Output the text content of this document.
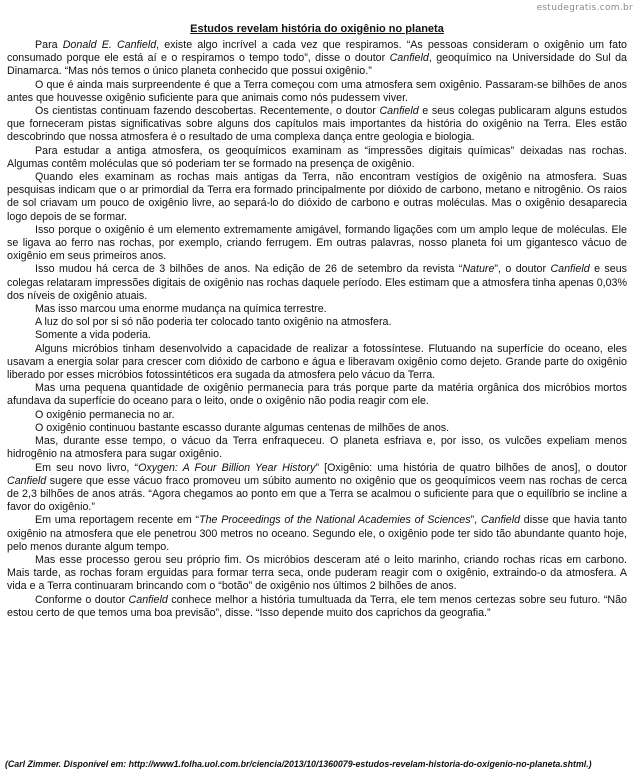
estudegratis.com.br

Estudos revelam história do oxigênio no planeta

Para Donald E. Canfield, existe algo incrível a cada vez que respiramos. “As pessoas consideram o oxigênio um fato consumado porque ele está aí e o respiramos o tempo todo”, disse o doutor Canfield, geoquímico na Universidade do Sul da Dinamarca. “Mas nós temos o único planeta conhecido que possui oxigênio.”

O que é ainda mais surpreendente é que a Terra começou com uma atmosfera sem oxigênio. Passaram-se bilhões de anos antes que houvesse oxigênio suficiente para que animais como nós pudessem viver.

Os cientistas continuam fazendo descobertas. Recentemente, o doutor Canfield e seus colegas publicaram alguns estudos que forneceram pistas significativas sobre alguns dos capítulos mais importantes da história do oxigênio na Terra. Eles estão descobrindo que nossa atmosfera é o resultado de uma complexa dança entre geologia e biologia.

Para estudar a antiga atmosfera, os geoquímicos examinam as “impressões digitais químicas” deixadas nas rochas. Algumas contêm moléculas que só poderiam ter se formado na presença de oxigênio.

Quando eles examinam as rochas mais antigas da Terra, não encontram vestígios de oxigênio na atmosfera. Suas pesquisas indicam que o ar primordial da Terra era formado principalmente por dióxido de carbono, metano e nitrogênio. Os raios de sol criavam um pouco de oxigênio livre, ao separá-lo do dióxido de carbono e outras moléculas. Mas o oxigênio desaparecia logo depois de se formar.

Isso porque o oxigênio é um elemento extremamente amigável, formando ligações com um amplo leque de moléculas. Ele se ligava ao ferro nas rochas, por exemplo, criando ferrugem. Em outras palavras, nosso planeta foi um gigantesco vácuo de oxigênio em seus primeiros anos.

Isso mudou há cerca de 3 bilhões de anos. Na edição de 26 de setembro da revista “Nature”, o doutor Canfield e seus colegas relataram impressões digitais de oxigênio nas rochas daquele período. Eles estimam que a atmosfera tinha apenas 0,03% dos níveis de oxigênio atuais.

Mas isso marcou uma enorme mudança na química terrestre.

A luz do sol por si só não poderia ter colocado tanto oxigênio na atmosfera.

Somente a vida poderia.

Alguns micróbios tinham desenvolvido a capacidade de realizar a fotossíntese. Flutuando na superfície do oceano, eles usavam a energia solar para crescer com dióxido de carbono e água e liberavam oxigênio como dejeto. Grande parte do oxigênio liberado por esses micróbios fotossintéticos era sugada da atmosfera pelo vácuo da Terra.

Mas uma pequena quantidade de oxigênio permanecia para trás porque parte da matéria orgânica dos micróbios mortos afundava da superfície do oceano para o leito, onde o oxigênio não podia reagir com ele.

O oxigênio permanecia no ar.

O oxigênio continuou bastante escasso durante algumas centenas de milhões de anos.

Mas, durante esse tempo, o vácuo da Terra enfraqueceu. O planeta esfriava e, por isso, os vulcões expeliam menos hidrogênio na atmosfera para sugar oxigênio.

Em seu novo livro, “Oxygen: A Four Billion Year History” [Oxigênio: uma história de quatro bilhões de anos], o doutor Canfield sugere que esse vácuo fraco promoveu um súbito aumento no oxigênio que os geoquímicos veem nas rochas de cerca de 2,3 bilhões de anos atrás. “Agora chegamos ao ponto em que a Terra se acalmou o suficiente para que o equilíbrio se incline a favor do oxigênio.”

Em uma reportagem recente em “The Proceedings of the National Academies of Sciences”, Canfield disse que havia tanto oxigênio na atmosfera que ele penetrou 300 metros no oceano. Segundo ele, o oxigênio pode ter sido tão abundante quanto hoje, pelo menos durante algum tempo.

Mas esse processo gerou seu próprio fim. Os micróbios desceram até o leito marinho, criando rochas ricas em carbono. Mais tarde, as rochas foram erguidas para formar terra seca, onde puderam reagir com o oxigênio, extraindo-o da atmosfera. A vida e a Terra continuaram brincando com o “botão” de oxigênio nos últimos 2 bilhões de anos.

Conforme o doutor Canfield conhece melhor a história tumultuada da Terra, ele tem menos certezas sobre seu futuro. “Não estou certo de que temos uma boa previsão”, disse. “Isso depende muito dos caprichos da geografia.”

(Carl Zimmer. Disponível em: http://www1.folha.uol.com.br/ciencia/2013/10/1360079-estudos-revelam-historia-do-oxigenio-no-planeta.shtml.)
